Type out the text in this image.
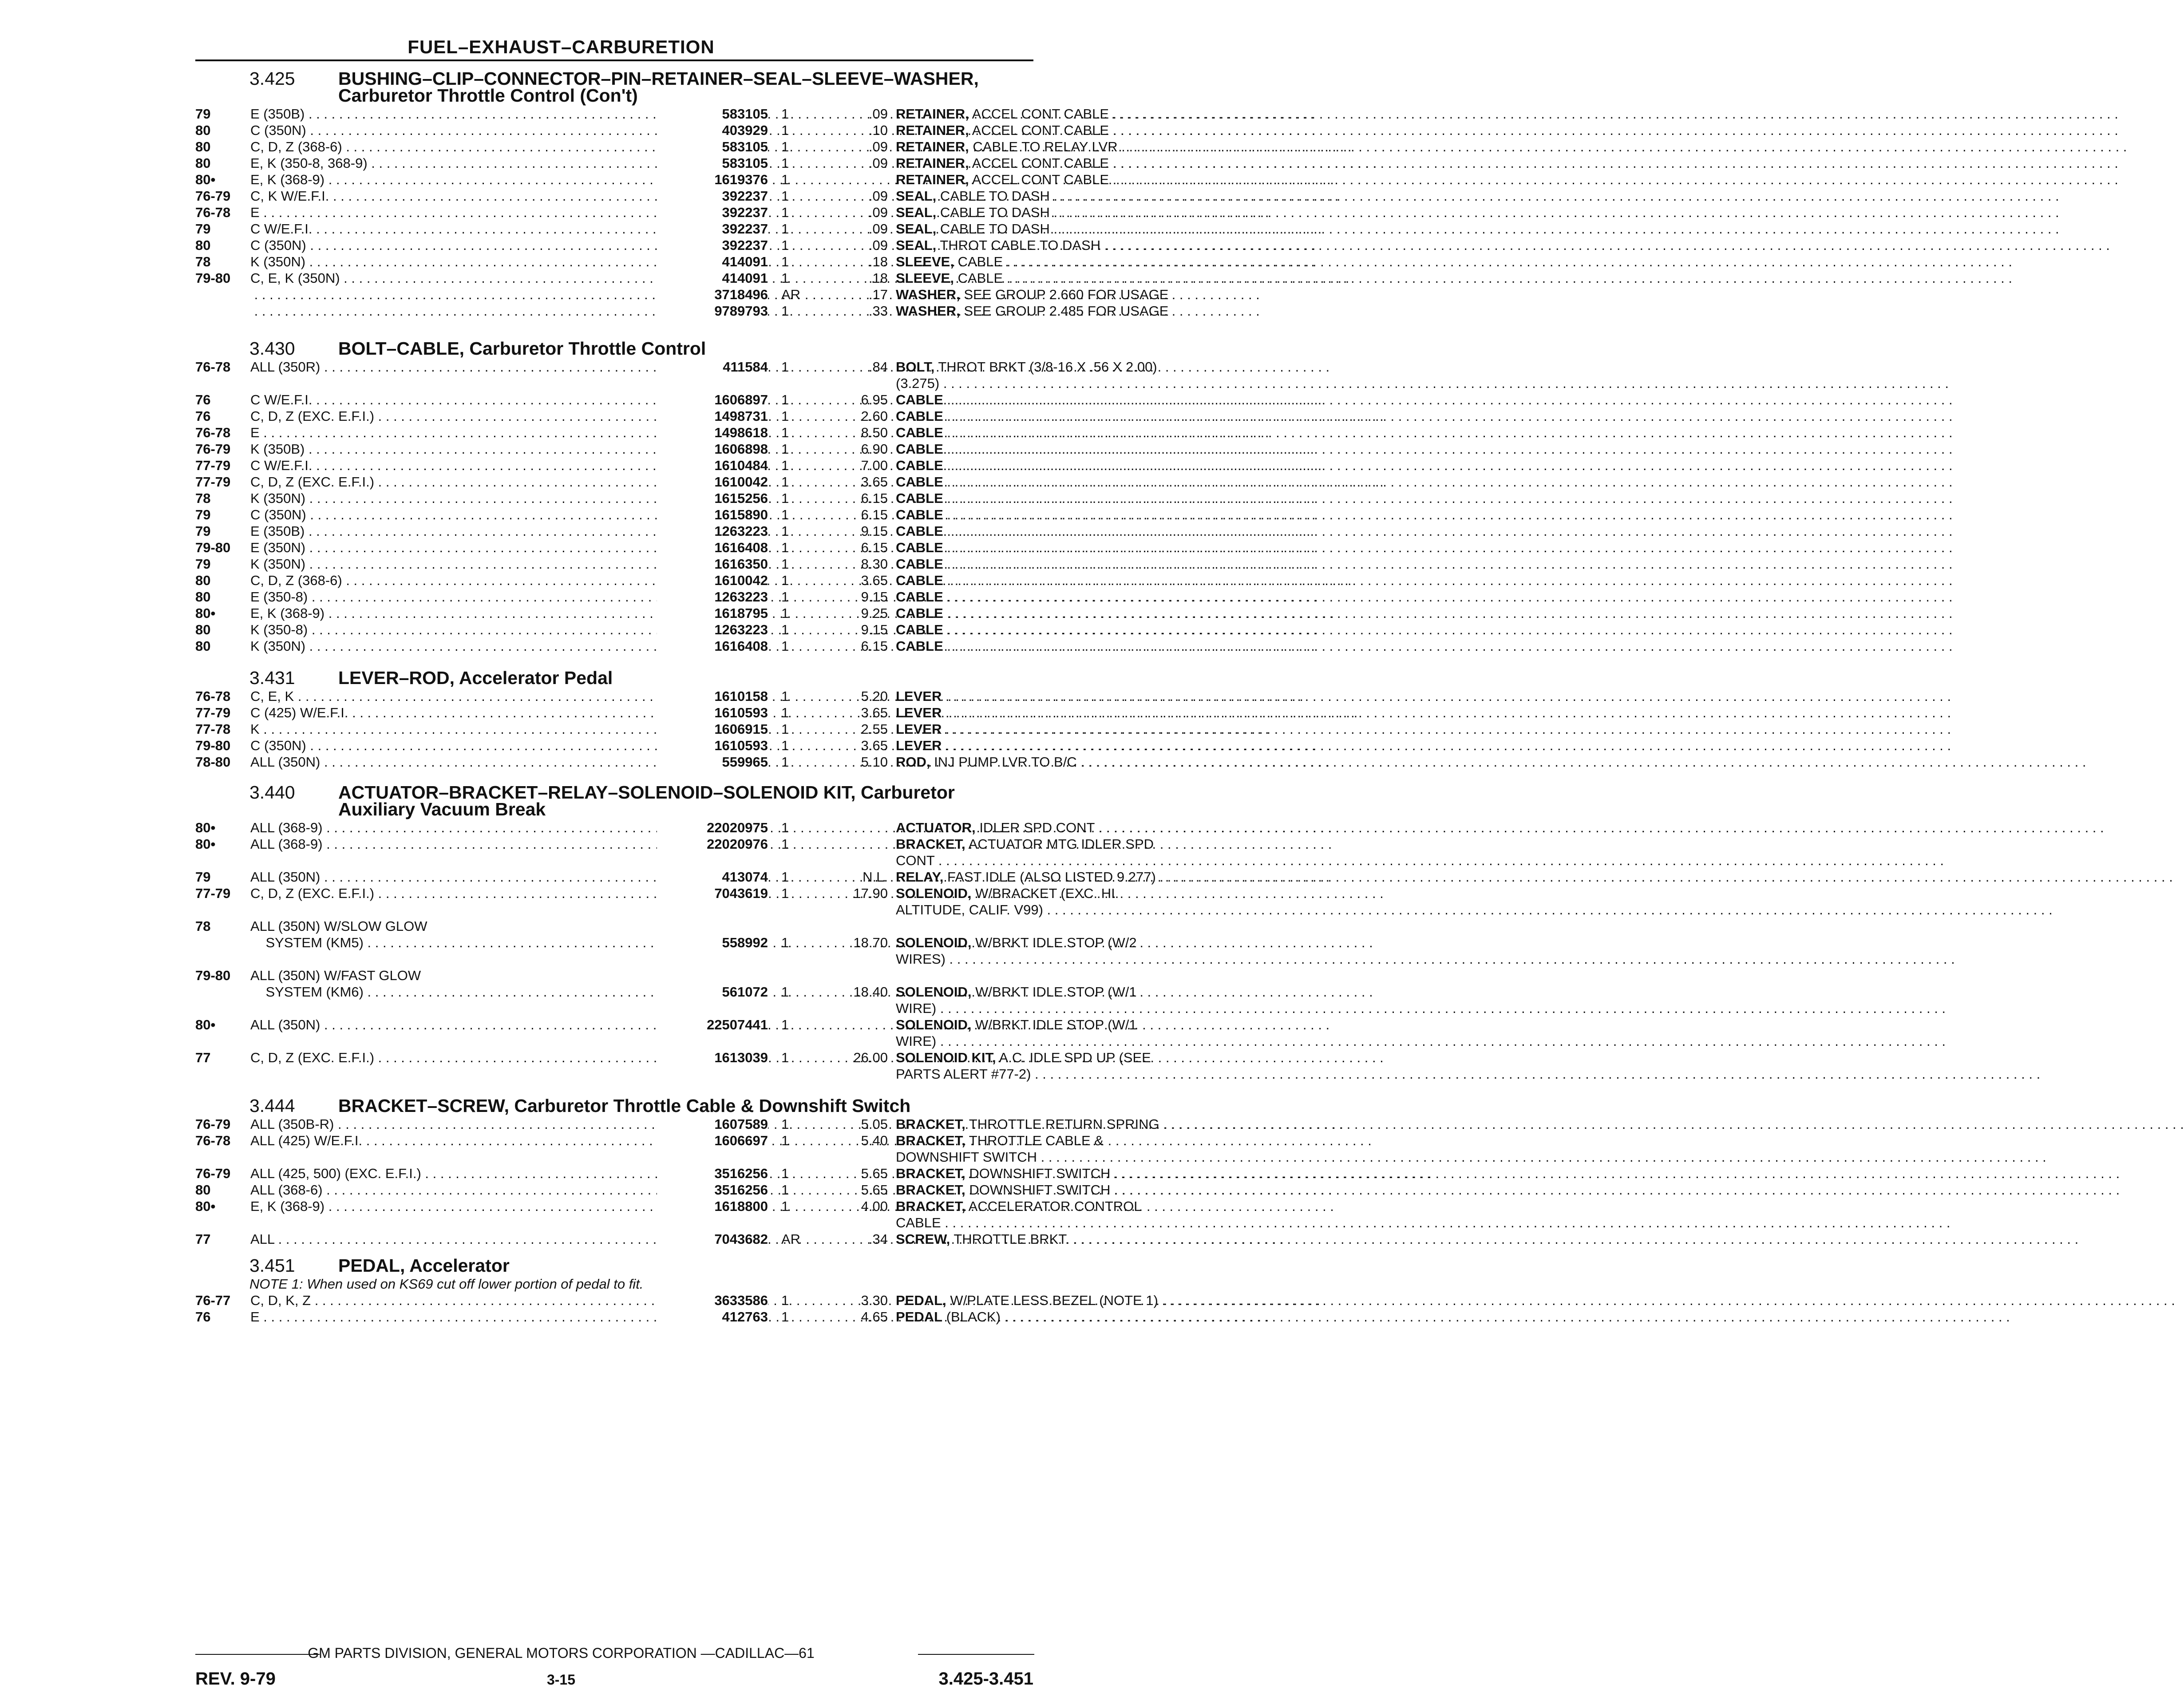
FUEL–EXHAUST–CARBURETION
3.425 BUSHING–CLIP–CONNECTOR–PIN–RETAINER–SEAL–SLEEVE–WASHER,
Carburetor Throttle Control (Con't)
79	E (350B) . . .	583105 1	.09 RETAINER, ACCEL CONT CABLE . . .
80	C (350N) . . .	403929 1	.10 RETAINER, ACCEL CONT CABLE . . .
80	C, D, Z (368-6) . . .	583105 1	.09 RETAINER, CABLE TO RELAY LVR . . .
80	E, K (350-8, 368-9) . . .	583105 1	.09 RETAINER, ACCEL CONT CABLE . . .
80•	E, K (368-9) . . .	1619376 1	RETAINER, ACCEL CONT CABLE . . .
76-79 C, K W/E.F.I. . . .	392237 1	.09 SEAL, CABLE TO DASH . . .
76-78 E . . .	392237 1	.09 SEAL, CABLE TO DASH . . .
79	C W/E.F.I. . . .	392237 1	.09 SEAL, CABLE TO DASH . . .
80	C (350N) . . .	392237 1	.09 SEAL, THROT CABLE TO DASH . . .
78	K (350N) . . .	414091 1	.18 SLEEVE, CABLE . . .
79-80 C, E, K (350N) . . .	414091 1	.18 SLEEVE, CABLE . . .
. . .
3718496 AR	.17 WASHER, SEE GROUP 2.660 FOR USAGE
. . .
9789793 1	.33 WASHER, SEE GROUP 2.485 FOR USAGE
3.430 BOLT–CABLE, Carburetor Throttle Control
76-78 ALL (350R) . . .	411584 1	.84 BOLT, THROT BRKT (3/8-16 X .56 X 2.00)
(3.275) . . .
76	C W/E.F.I. . . .	1606897 1	6.95 CABLE . . .
76	C, D, Z (EXC. E.F.I.) . . .	1498731 1	2.60 CABLE . . .
76-78 E . . .	1498618 1	8.50 CABLE . . .
76-79 K (350B) . . .	1606898 1	6.90 CABLE . . .
77-79 C W/E.F.I. . . .	1610484 1	7.00 CABLE . . .
77-79 C, D, Z (EXC. E.F.I.) . . .	1610042 1	3.65 CABLE . . .
78	K (350N) . . .	1615256 1	6.15 CABLE . . .
79	C (350N) . . .	1615890 1	6.15 CABLE . . .
79	E (350B) . . .	1263223 1	9.15 CABLE . . .
79-80 E (350N) . . .	1616408 1	6.15 CABLE . . .
79	K (350N) . . .	1616350 1	8.30 CABLE . . .
80	C, D, Z (368-6) . . .	1610042 1	3.65 CABLE . . .
80	E (350-8) . . .	1263223 1	9.15 CABLE . . .
80•	E, K (368-9) . . .	1618795 1	9.25 CABLE . . .
80	K (350-8) . . .	1263223 1	9.15 CABLE . . .
80	K (350N) . . .	1616408 1	6.15 CABLE . . .
3.431 LEVER–ROD, Accelerator Pedal
76-78 C, E, K . . .	1610158 1	5.20 LEVER . . .
77-79 C (425) W/E.F.I. . . .	1610593 1	3.65 LEVER . . .
77-78 K . . .	1606915 1	2.55 LEVER . . .
79-80 C (350N) . . .	1610593 1	3.65 LEVER . . .
78-80 ALL (350N) . . .	559965 1	5.10 ROD, INJ PUMP LVR TO B/C . . .
3.440 ACTUATOR–BRACKET–RELAY–SOLENOID–SOLENOID KIT, Carburetor
Auxiliary Vacuum Break
80•	ALL (368-9) . . .	22020975 1	ACTUATOR, IDLER SPD CONT . . .
80•	ALL (368-9) . . .	22020976 1	BRACKET, ACTUATOR MTG IDLER SPD
CONT . . .
79	ALL (350N) . . .	413074 1	N.L. RELAY, FAST IDLE (ALSO LISTED 9.277) . . . .
77-79 C, D, Z (EXC. E.F.I.) . . .	7043619 1	17.90 SOLENOID, W/BRACKET (EXC. HI.
ALTITUDE, CALIF. V99) . . .
78	ALL (350N) W/SLOW GLOW
SYSTEM (KM5) . . .	558992 1	18.70 SOLENOID, W/BRKT IDLE STOP (W/2
WIRES) . . .
79-80 ALL (350N) W/FAST GLOW
SYSTEM (KM6) . . .	561072 1	18.40 SOLENOID, W/BRKT IDLE STOP (W/1
WIRE) . . .
80•	ALL (350N) . . .	22507441 1	SOLENOID, W/BRKT IDLE STOP (W/1
WIRE) . . .
77	C, D, Z (EXC. E.F.I.) . . .	1613039 1	26.00 SOLENOID KIT, A.C. IDLE SPD UP (SEE
PARTS ALERT #77-2) . . .
3.444 BRACKET–SCREW, Carburetor Throttle Cable & Downshift Switch
76-79 ALL (350B-R) . . .	1607589 1	5.05 BRACKET, THROTTLE RETURN SPRING . . . . .
76-78 ALL (425) W/E.F.I. . . .	1606697 1	5.40 BRACKET, THROTTLE CABLE &
DOWNSHIFT SWITCH . . .
76-79 ALL (425, 500) (EXC. E.F.I.) . . .	3516256 1	5.65 BRACKET, DOWNSHIFT SWITCH . . .
80	ALL (368-6) . . .	3516256 1	5.65 BRACKET, DOWNSHIFT SWITCH . . .
80•	E, K (368-9) . . .	1618800 1	4.00 BRACKET, ACCELERATOR CONTROL
CABLE . . .
77	ALL . . .	7043682 AR	.34 SCREW, THROTTLE BRKT. . . .
3.451 PEDAL, Accelerator
NOTE 1: When used on KS69 cut off lower portion of pedal to fit.
76-77 C, D, K, Z . . .	3633586 1	3.30 PEDAL, W/PLATE LESS BEZEL (NOTE 1) . . . .
76	E . . .	412763 1	4.65 PEDAL (BLACK) . . .
GM PARTS DIVISION, GENERAL MOTORS CORPORATION —CADILLAC—61
REV. 9-79	3-15	3.425-3.451
